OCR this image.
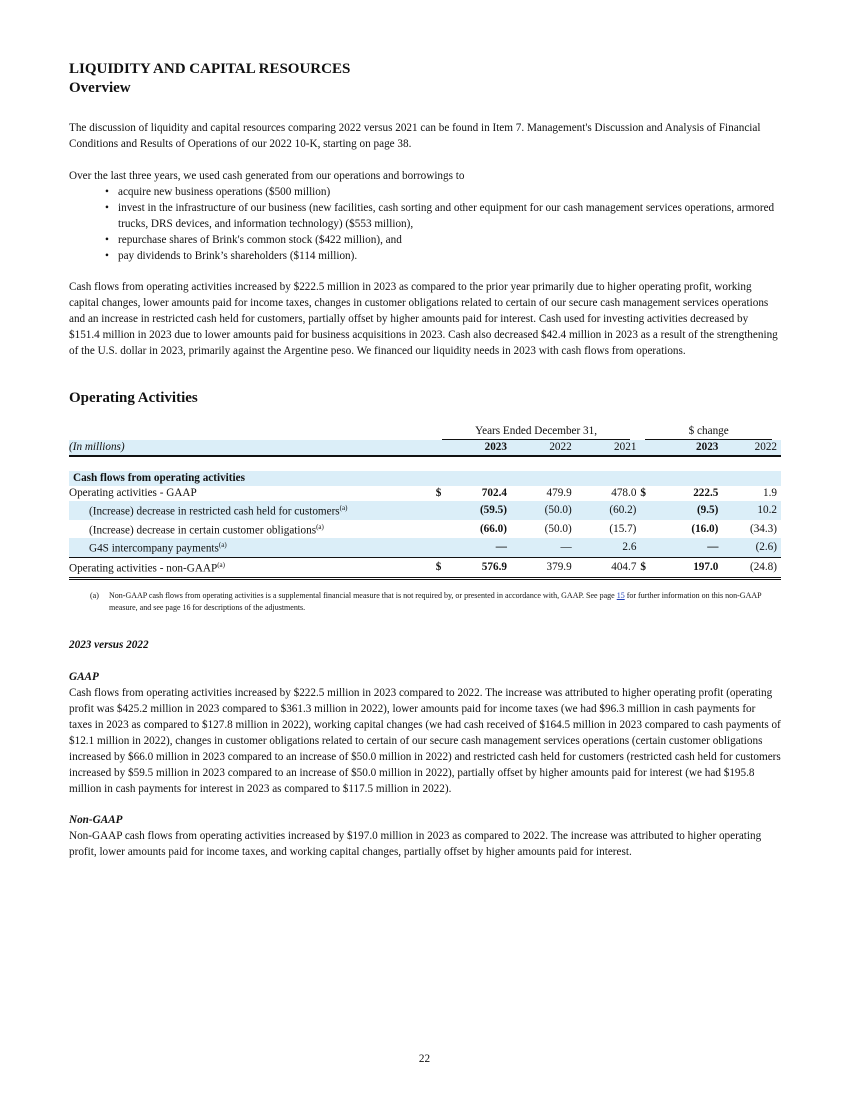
LIQUIDITY AND CAPITAL RESOURCES
Overview

The discussion of liquidity and capital resources comparing 2022 versus 2021 can be found in Item 7. Management's Discussion and Analysis of Financial Conditions and Results of Operations of our 2022 10-K, starting on page 38.

Over the last three years, we used cash generated from our operations and borrowings to

• acquire new business operations ($500 million)
• invest in the infrastructure of our business (new facilities, cash sorting and other equipment for our cash management services operations, armored trucks, DRS devices, and information technology) ($553 million),
• repurchase shares of Brink's common stock ($422 million), and
• pay dividends to Brink’s shareholders ($114 million).

Cash flows from operating activities increased by $222.5 million in 2023 as compared to the prior year primarily due to higher operating profit, working capital changes, lower amounts paid for income taxes, changes in customer obligations related to certain of our secure cash management services operations and an increase in restricted cash held for customers, partially offset by higher amounts paid for interest. Cash used for investing activities decreased by $151.4 million in 2023 due to lower amounts paid for business acquisitions in 2023. Cash also decreased $42.4 million in 2023 as a result of the strengthening of the U.S. dollar in 2023, primarily against the Argentine peso. We financed our liquidity needs in 2023 with cash flows from operations.

Operating Activities
	Years Ended December 31,				$ change		
(In millions)		2023	2022	2021		2023	2022

Cash flows from operating activities							
Operating activities - GAAP	$	702.4	479.9	478.0	$	222.5	1.9
(Increase) decrease in restricted cash held for customers$^{(a)}$		(59.5)	(50.0)	(60.2)		(9.5)	10.2
(Increase) decrease in certain customer obligations$^{(a)}$		(66.0)	(50.0)	(15.7)		(16.0)	(34.3)
G4S intercompany payments$^{(a)}$		—	—	2.6		—	(2.6)
Operating activities - non-GAAP$^{(a)}$	$	576.9	379.9	404.7	$	197.0	(24.8)
(a) Non-GAAP cash flows from operating activities is a supplemental financial measure that is not required by, or presented in accordance with, GAAP. See page 15 for further information on this non-GAAP measure, and see page 16 for descriptions of the adjustments.
2023 versus 2022
GAAP

Cash flows from operating activities increased by $222.5 million in 2023 compared to 2022. The increase was attributed to higher operating profit (operating profit was $425.2 million in 2023 compared to $361.3 million in 2022), lower amounts paid for income taxes (we had $96.3 million in cash payments for taxes in 2023 as compared to $127.8 million in 2022), working capital changes (we had cash received of $164.5 million in 2023 compared to cash payments of $12.1 million in 2022), changes in customer obligations related to certain of our secure cash management services operations (certain customer obligations increased by $66.0 million in 2023 compared to an increase of $50.0 million in 2022) and restricted cash held for customers (restricted cash held for customers increased by $59.5 million in 2023 compared to an increase of $50.0 million in 2022), partially offset by higher amounts paid for interest (we had $195.8 million in cash payments for interest in 2023 as compared to $117.5 million in 2022).

Non-GAAP

Non-GAAP cash flows from operating activities increased by $197.0 million in 2023 as compared to 2022. The increase was attributed to higher operating profit, lower amounts paid for income taxes, and working capital changes, partially offset by higher amounts paid for interest.

22
